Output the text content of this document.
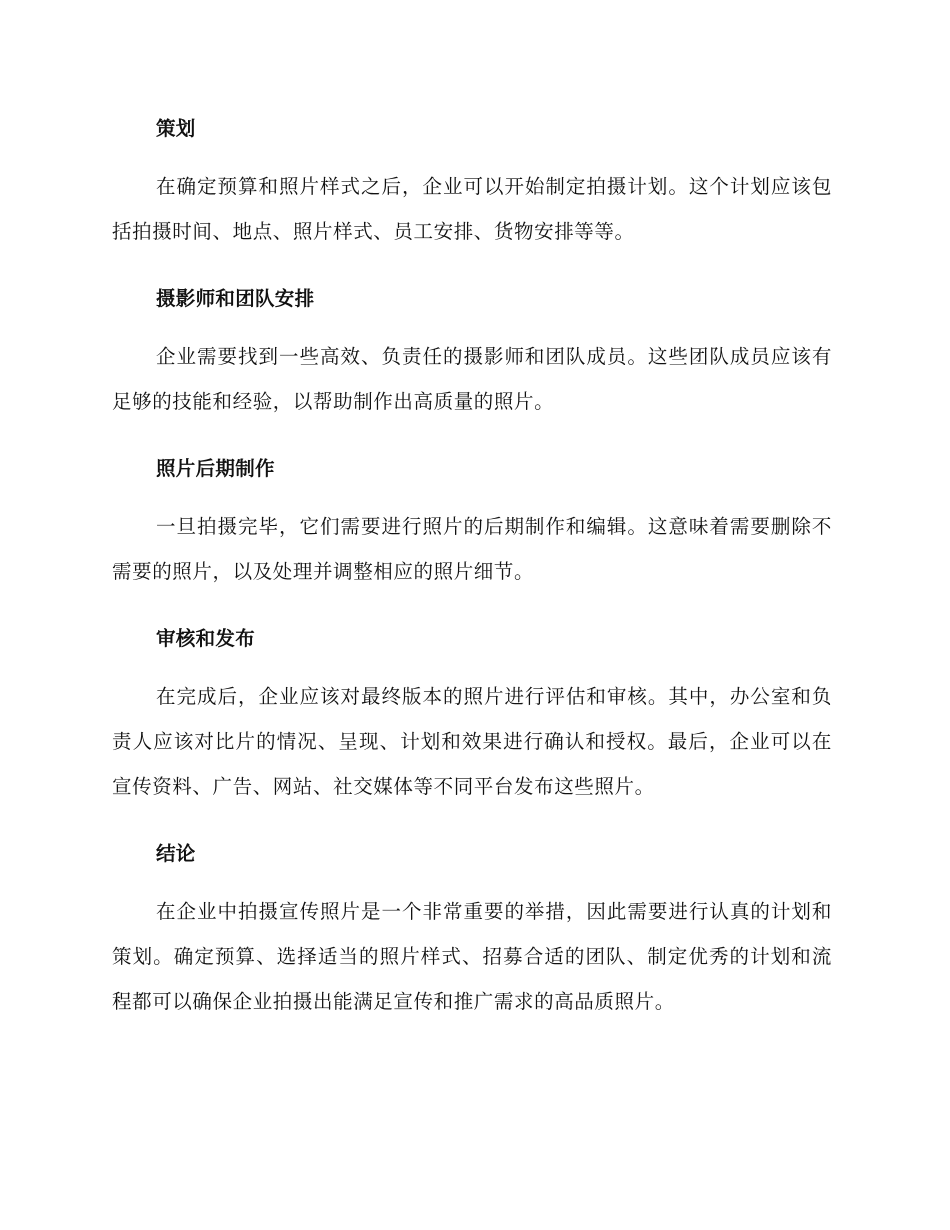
策划

在确定预算和照片样式之后，企业可以开始制定拍摄计划。这个计划应该包括拍摄时间、地点、照片样式、员工安排、货物安排等等。

摄影师和团队安排

企业需要找到一些高效、负责任的摄影师和团队成员。这些团队成员应该有足够的技能和经验，以帮助制作出高质量的照片。

照片后期制作

一旦拍摄完毕，它们需要进行照片的后期制作和编辑。这意味着需要删除不需要的照片，以及处理并调整相应的照片细节。

审核和发布

在完成后，企业应该对最终版本的照片进行评估和审核。其中，办公室和负责人应该对比片的情况、呈现、计划和效果进行确认和授权。最后，企业可以在宣传资料、广告、网站、社交媒体等不同平台发布这些照片。

结论

在企业中拍摄宣传照片是一个非常重要的举措，因此需要进行认真的计划和策划。确定预算、选择适当的照片样式、招募合适的团队、制定优秀的计划和流程都可以确保企业拍摄出能满足宣传和推广需求的高品质照片。
